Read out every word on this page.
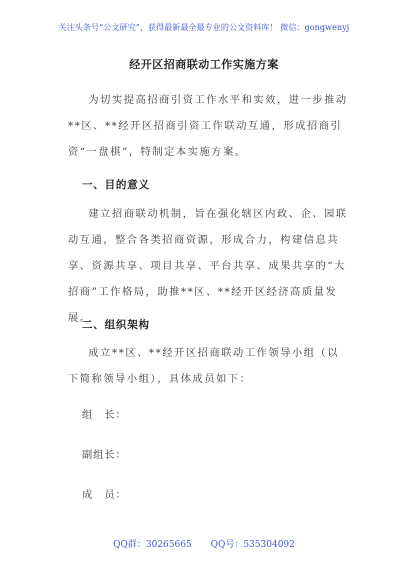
关注头条号“公文研究”，获得最新最全最专业的公文资料库！ 微信：gongwenyj
经开区招商联动工作实施方案

为切实提高招商引资工作水平和实效，进一步推动**区、**经开区招商引资工作联动互通，形成招商引资“一盘棋”，特制定本实施方案。

一、目的意义

建立招商联动机制，旨在强化辖区内政、企、园联动互通，整合各类招商资源，形成合力，构建信息共享、资源共享、项目共享、平台共享、成果共享的“大招商”工作格局，助推**区、**经开区经济高质量发展。

二、组织架构

成立**区、**经开区招商联动工作领导小组（以下简称领导小组），具体成员如下：

组　长：
副组长：
成　员：
QQ群：30265665 QQ号：535304092
